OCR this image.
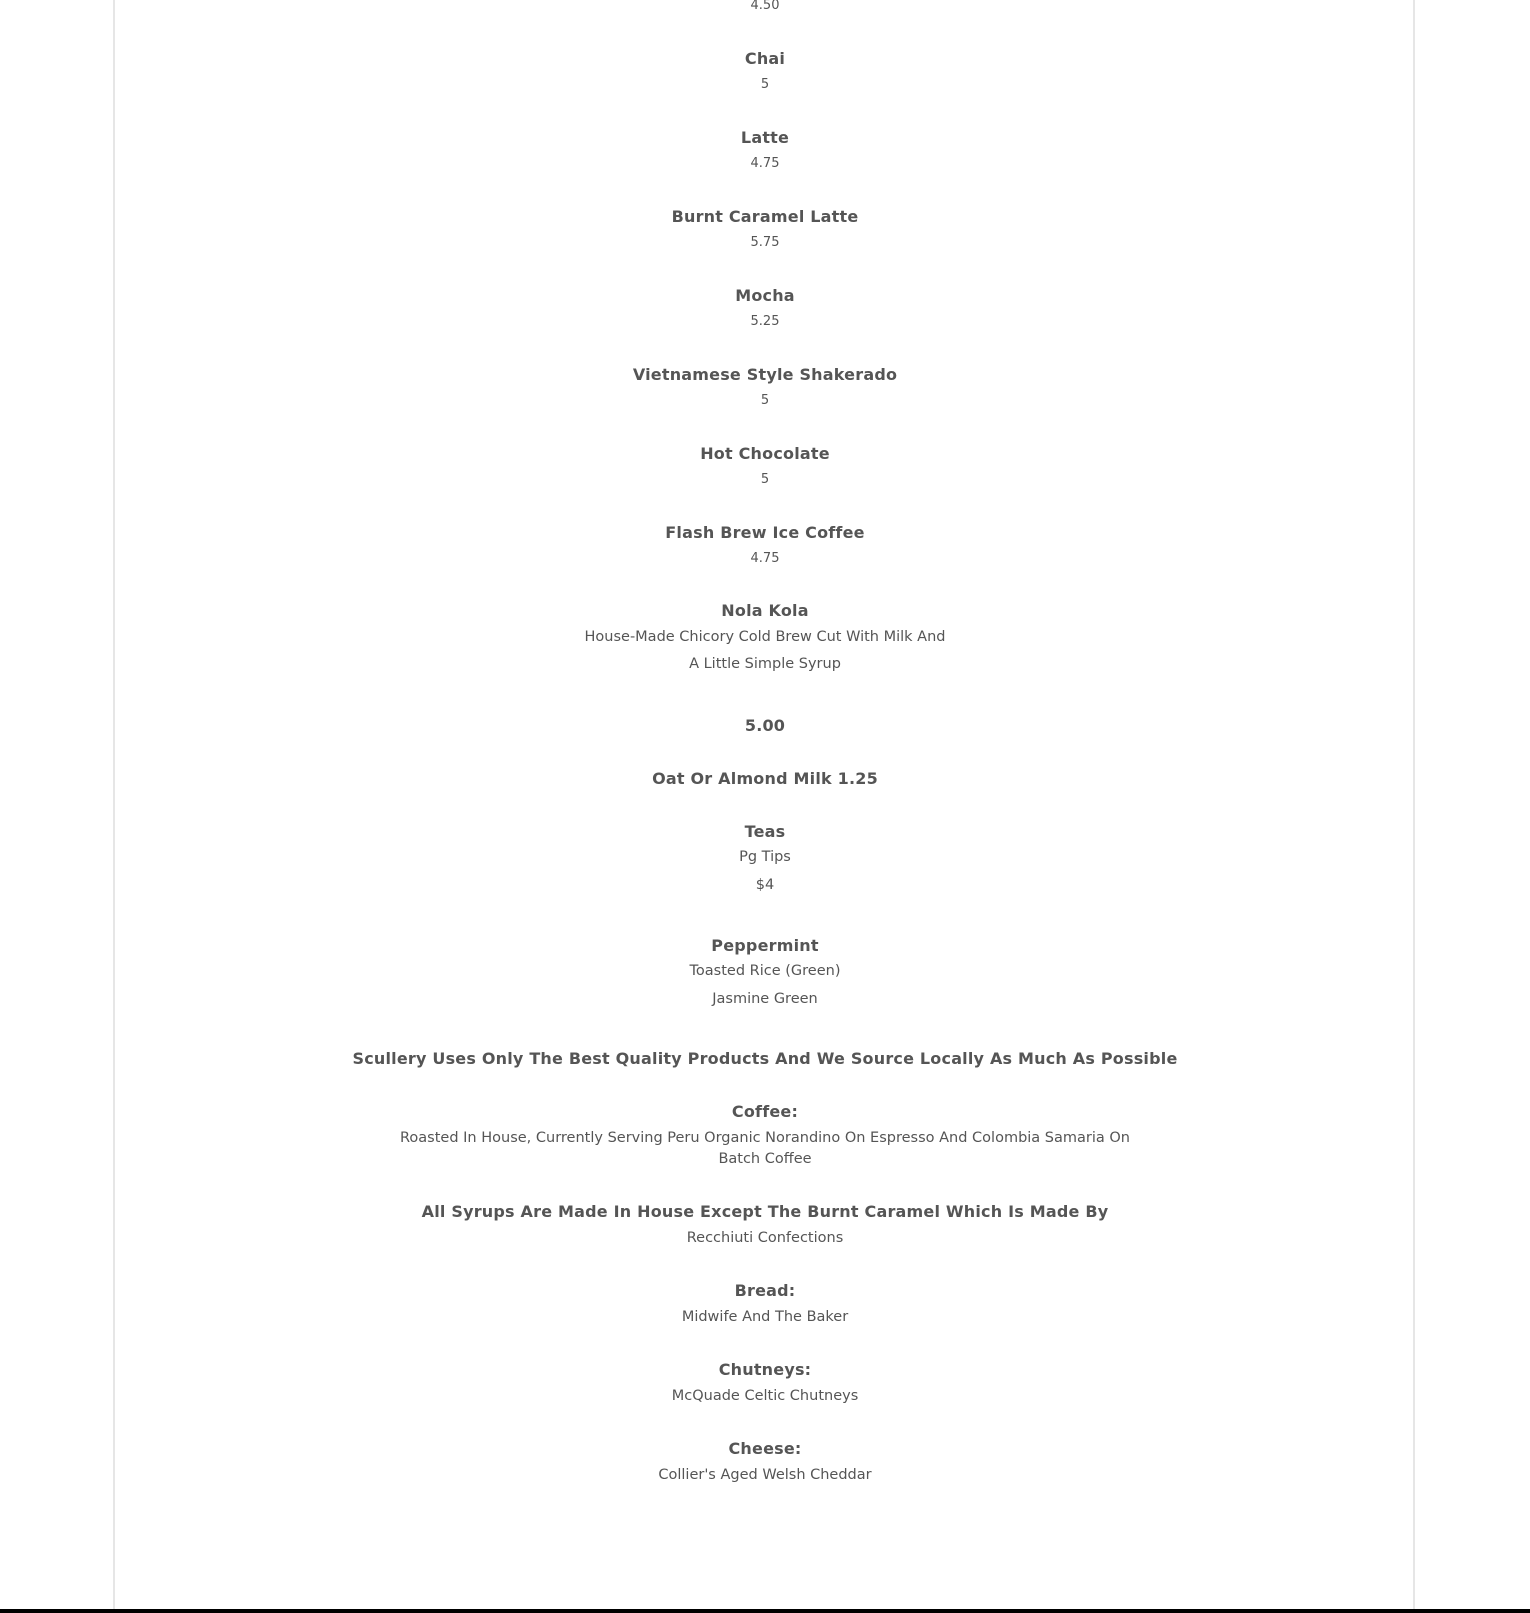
4.50
Chai
5
Latte
4.75
Burnt Caramel Latte
5.75
Mocha
5.25
Vietnamese Style Shakerado
5
Hot Chocolate
5
Flash Brew Ice Coffee
4.75
Nola Kola
House-Made Chicory Cold Brew Cut With Milk And
A Little Simple Syrup
5.00
Oat Or Almond Milk 1.25
Teas
Pg Tips
$4
Peppermint
Toasted Rice (Green)
Jasmine Green
Scullery Uses Only The Best Quality Products And We Source Locally As Much As Possible
Coffee:
Roasted In House, Currently Serving Peru Organic Norandino On Espresso And Colombia Samaria On
Batch Coffee
All Syrups Are Made In House Except The Burnt Caramel Which Is Made By
Recchiuti Confections
Bread:
Midwife And The Baker
Chutneys:
McQuade Celtic Chutneys
Cheese:
Collier's Aged Welsh Cheddar
